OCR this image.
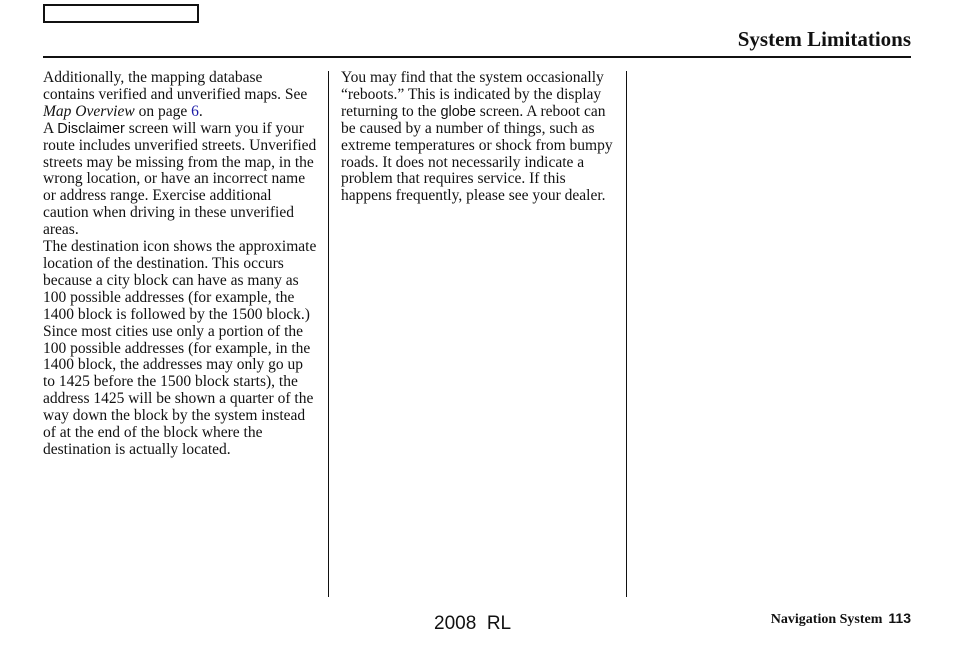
System Limitations

Additionally, the mapping database contains verified and unverified maps. See Map Overview on page 6.

A Disclaimer screen will warn you if your route includes unverified streets. Unverified streets may be missing from the map, in the wrong location, or have an incorrect name or address range. Exercise additional caution when driving in these unverified areas.

The destination icon shows the approximate location of the destination. This occurs because a city block can have as many as 100 possible addresses (for example, the 1400 block is followed by the 1500 block.) Since most cities use only a portion of the 100 possible addresses (for example, in the 1400 block, the addresses may only go up to 1425 before the 1500 block starts), the address 1425 will be shown a quarter of the way down the block by the system instead of at the end of the block where the destination is actually located.

You may find that the system occasionally “reboots.” This is indicated by the display returning to the globe screen. A reboot can be caused by a number of things, such as extreme temperatures or shock from bumpy roads. It does not necessarily indicate a problem that requires service. If this happens frequently, please see your dealer.

2008  RL	Navigation System 113
